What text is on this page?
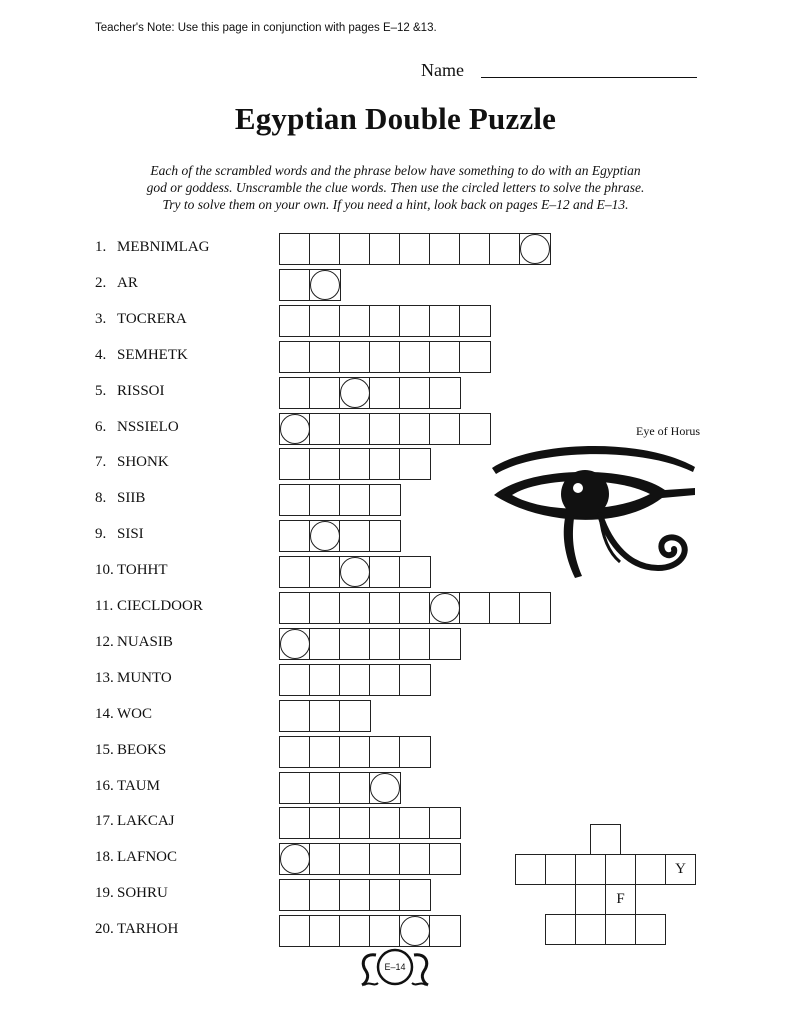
Teacher's Note: Use this page in conjunction with pages E–12 &13.
Name
Egyptian Double Puzzle
Each of the scrambled words and the phrase below have something to do with an Egyptian
god or goddess. Unscramble the clue words. Then use the circled letters to solve the phrase.
Try to solve them on your own. If you need a hint, look back on pages E–12 and E–13.
1. MEBNIMLAG
2. AR
3. TOCRERA
4. SEMHETK
5. RISSOI
6. NSSIELO
7. SHONK
8. SIIB
9. SISI
10. TOHHT
11. CIECLDOOR
12. NUASIB
13. MUNTO
14. WOC
15. BEOKS
16. TAUM
17. LAKCAJ
18. LAFNOC
19. SOHRU
20. TARHOH
Eye of Horus
Y
F
E–14
